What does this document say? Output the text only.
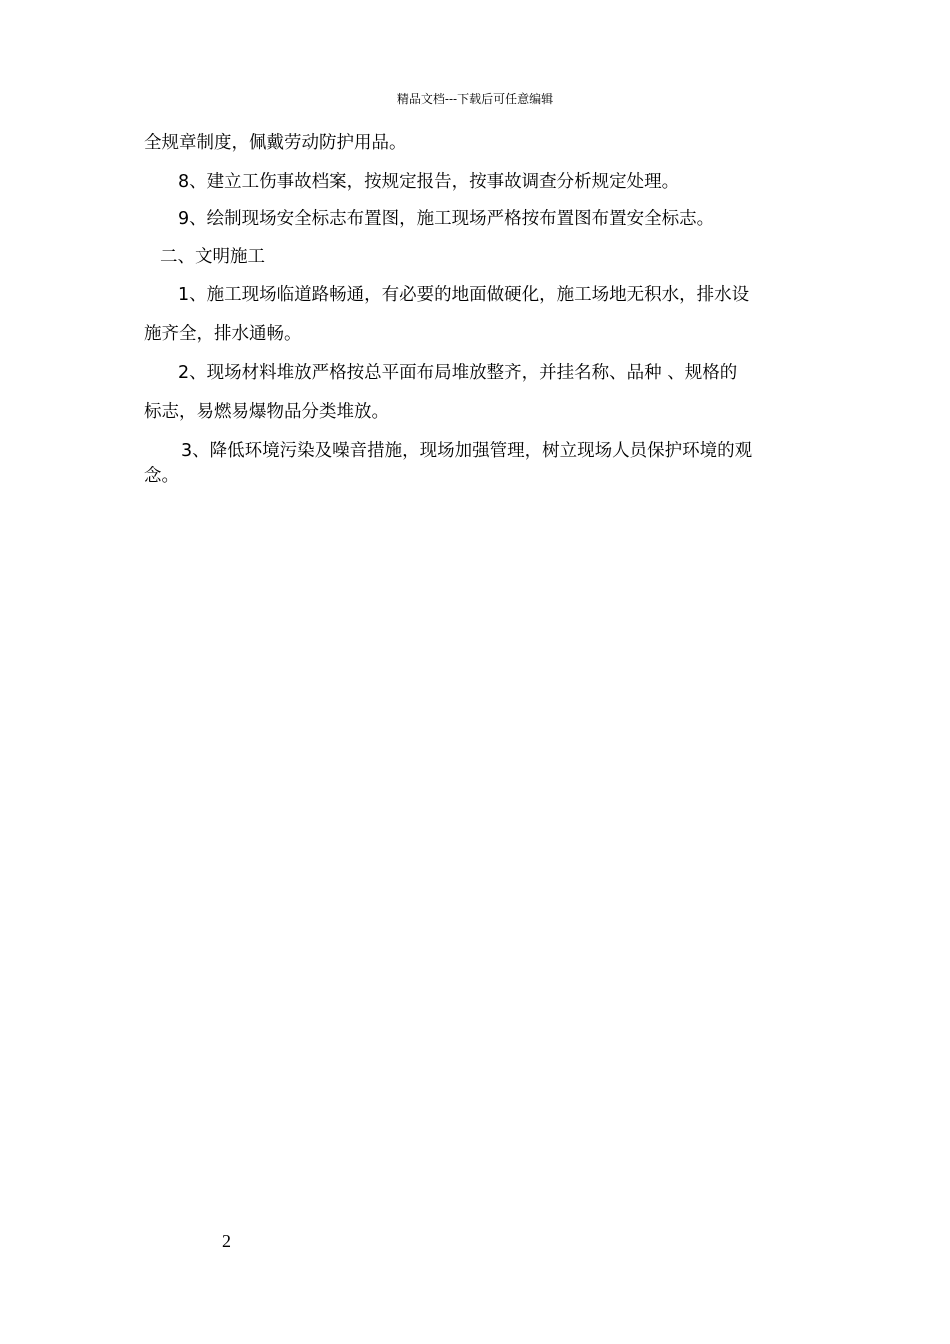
精品文档---下载后可任意编辑
全规章制度，佩戴劳动防护用品。
8、建立工伤事故档案，按规定报告，按事故调查分析规定处理。
9、绘制现场安全标志布置图，施工现场严格按布置图布置安全标志。
二、文明施工
1、施工现场临道路畅通，有必要的地面做硬化，施工场地无积水，排水设
施齐全，排水通畅。
2、现场材料堆放严格按总平面布局堆放整齐，并挂名称、品种 、规格的
标志，易燃易爆物品分类堆放。
3、降低环境污染及噪音措施，现场加强管理，树立现场人员保护环境的观
念。
2
